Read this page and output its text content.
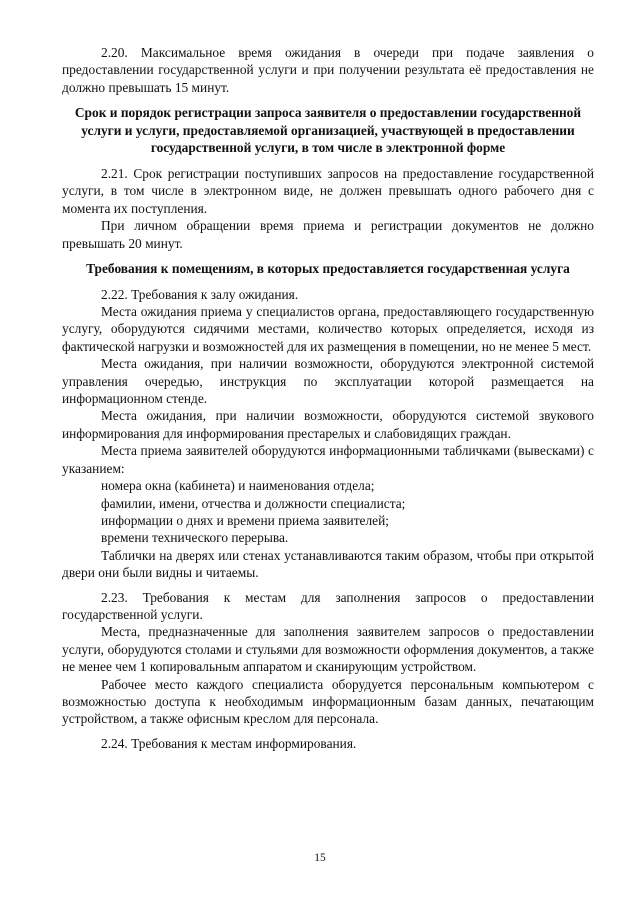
2.20. Максимальное время ожидания в очереди при подаче заявления о предоставлении государственной услуги и при получении результата её предоставления не должно превышать 15 минут.

Срок и порядок регистрации запроса заявителя о предоставлении государственной услуги и услуги, предоставляемой организацией, участвующей в предоставлении государственной услуги, в том числе в электронной форме

2.21. Срок регистрации поступивших запросов на предоставление государственной услуги, в том числе в электронном виде, не должен превышать одного рабочего дня с момента их поступления.

При личном обращении время приема и регистрации документов не должно превышать 20 минут.

Требования к помещениям, в которых предоставляется государственная услуга

2.22. Требования к залу ожидания.

Места ожидания приема у специалистов органа, предоставляющего государственную услугу, оборудуются сидячими местами, количество которых определяется, исходя из фактической нагрузки и возможностей для их размещения в помещении, но не менее 5 мест.

Места ожидания, при наличии возможности, оборудуются электронной системой управления очередью, инструкция по эксплуатации которой размещается на информационном стенде.

Места ожидания, при наличии возможности, оборудуются системой звукового информирования для информирования престарелых и слабовидящих граждан.

Места приема заявителей оборудуются информационными табличками (вывесками) с указанием:

номера окна (кабинета) и наименования отдела;

фамилии, имени, отчества и должности специалиста;

информации о днях и времени приема заявителей;

времени технического перерыва.

Таблички на дверях или стенах устанавливаются таким образом, чтобы при открытой двери они были видны и читаемы.

2.23. Требования к местам для заполнения запросов о предоставлении государственной услуги.

Места, предназначенные для заполнения заявителем запросов о предоставлении услуги, оборудуются столами и стульями для возможности оформления документов, а также не менее чем 1 копировальным аппаратом и сканирующим устройством.

Рабочее место каждого специалиста оборудуется персональным компьютером с возможностью доступа к необходимым информационным базам данных, печатающим устройством, а также офисным креслом для персонала.

2.24. Требования к местам информирования.

15
